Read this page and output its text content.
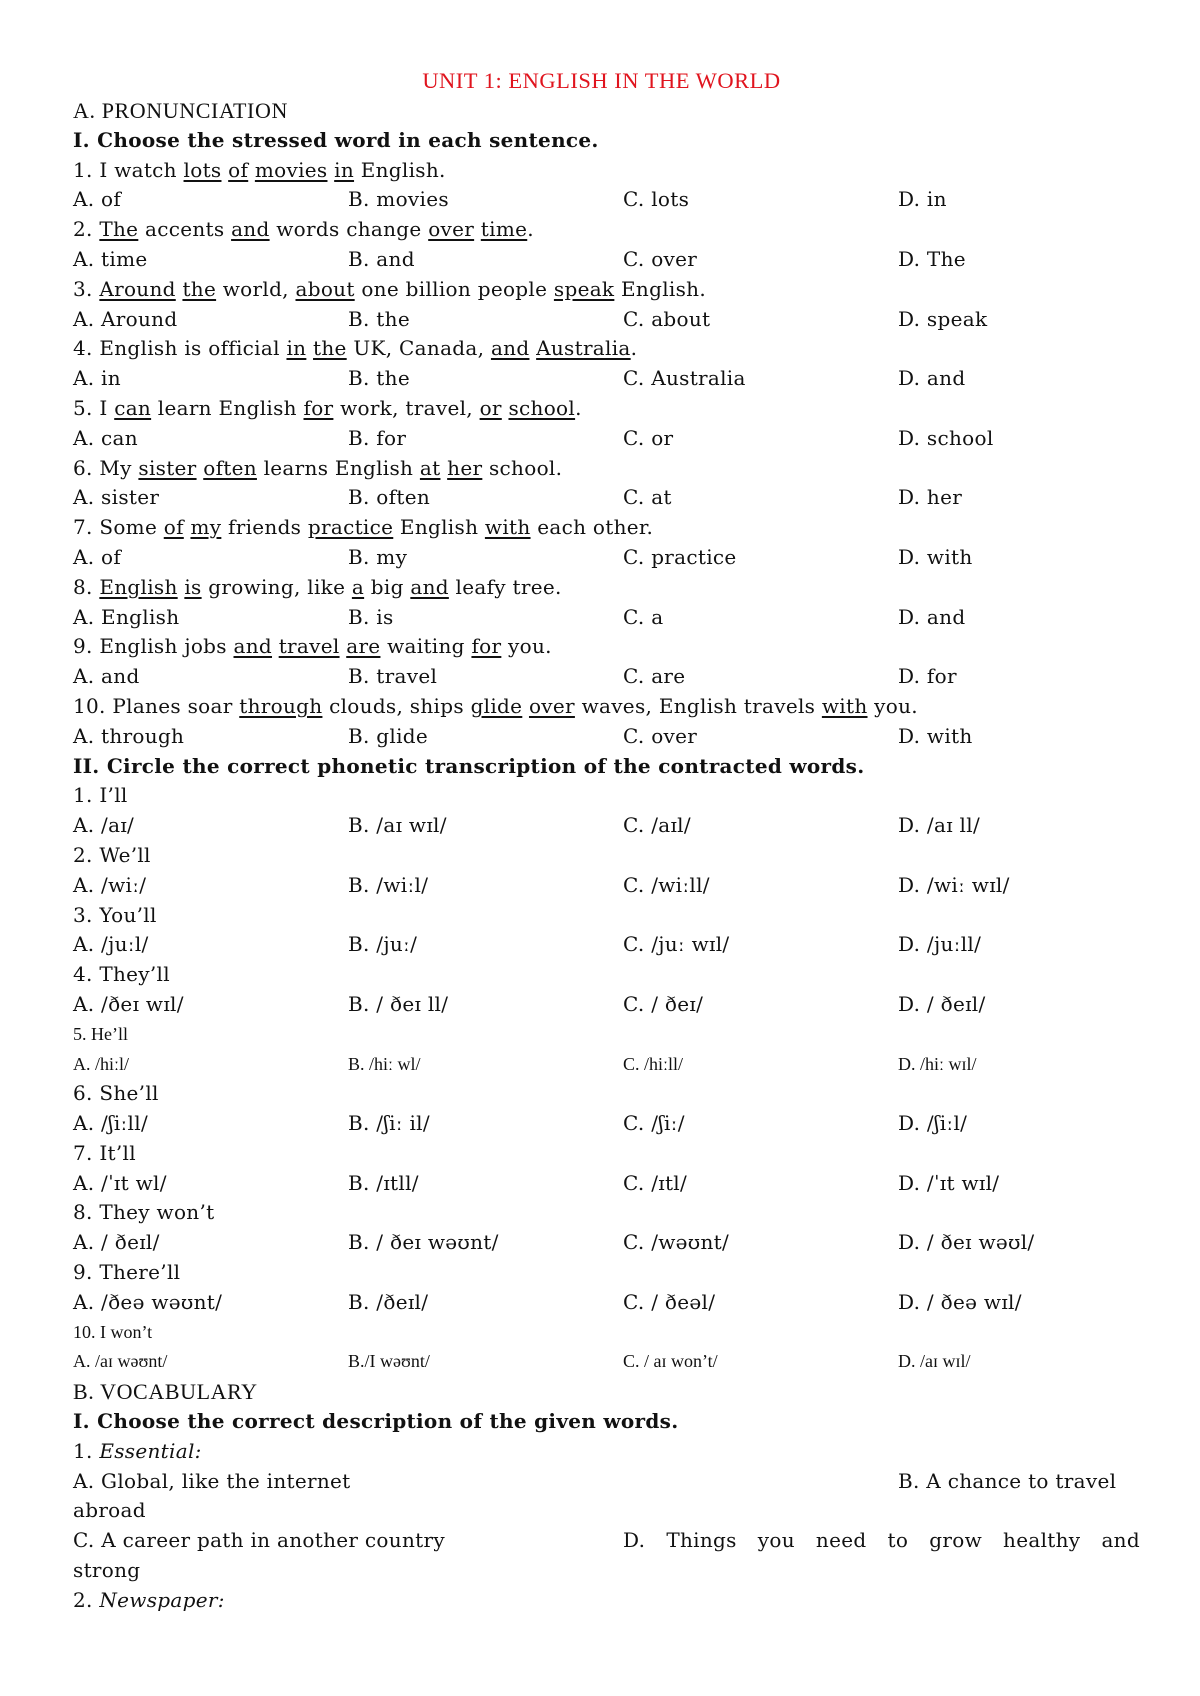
UNIT 1: ENGLISH IN THE WORLD
A. PRONUNCIATION
I. Choose the stressed word in each sentence.
1. I watch lots of movies in English.
A. of	B. movies	C. lots	D. in
2. The accents and words change over time.
A. time	B. and	C. over	D. The
3. Around the world, about one billion people speak English.
A. Around	B. the	C. about	D. speak
4. English is official in the UK, Canada, and Australia.
A. in	B. the	C. Australia	D. and
5. I can learn English for work, travel, or school.
A. can	B. for	C. or	D. school
6. My sister often learns English at her school.
A. sister	B. often	C. at	D. her
7. Some of my friends practice English with each other.
A. of	B. my	C. practice	D. with
8. English is growing, like a big and leafy tree.
A. English	B. is	C. a	D. and
9. English jobs and travel are waiting for you.
A. and	B. travel	C. are	D. for
10. Planes soar through clouds, ships glide over waves, English travels with you.
A. through	B. glide	C. over	D. with
II. Circle the correct phonetic transcription of the contracted words.
1. I’ll
A. /aɪ/	B. /aɪ wɪl/	C. /aɪl/	D. /aɪ ll/
2. We’ll
A. /wiː/	B. /wiːl/	C. /wiːll/	D. /wiː wɪl/
3. You’ll
A. /juːl/	B. /juː/	C. /juː wɪl/	D. /juːll/
4. They’ll
A. /ðeɪ wɪl/	B. / ðeɪ ll/	C. / ðeɪ/	D. / ðeɪl/
5. He’ll
A. /hiːl/	B. /hiː wl/	C. /hiːll/	D. /hiː wɪl/
6. She’ll
A. /ʃiːll/	B. /ʃiː il/	C. /ʃiː/	D. /ʃiːl/
7. It’ll
A. /ˈɪt wl/	B. /ɪtll/	C. /ɪtl/	D. /ˈɪt wɪl/
8. They won’t
A. / ðeɪl/	B. / ðeɪ wəʊnt/	C. /wəʊnt/	D. / ðeɪ wəʊl/
9. There’ll
A. /ðeə wəʊnt/	B. /ðeɪl/	C. / ðeəl/	D. / ðeə wɪl/
10. I won’t
A. /aɪ wəʊnt/	B./I wəʊnt/	C. / aɪ won’t/	D. /aɪ wɪl/
B. VOCABULARY
I. Choose the correct description of the given words.
1. Essential:
A. Global, like the internet	B. A chance to travel
abroad
C. A career path in another country	D. Things you need to grow healthy and
strong
2. Newspaper:
